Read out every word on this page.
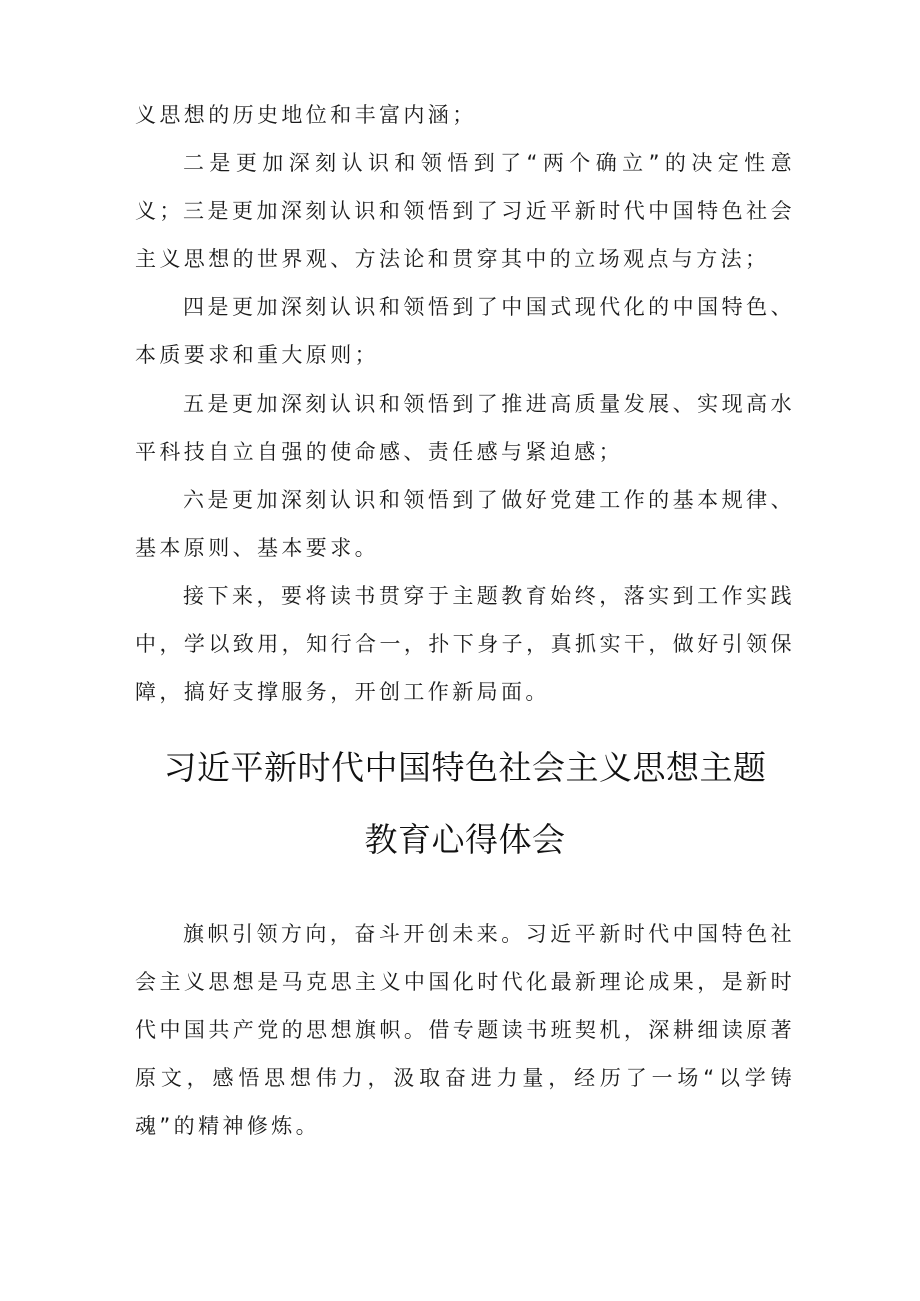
义思想的历史地位和丰富内涵；

二是更加深刻认识和领悟到了“两个确立”的决定性意义； 三是更加深刻认识和领悟到了习近平新时代中国特色社会主义思想的世界观、方法论和贯穿其中的立场观点与方法；

四是更加深刻认识和领悟到了中国式现代化的中国特色、本质要求和重大原则；

五是更加深刻认识和领悟到了推进高质量发展、实现高水平科技自立自强的使命感、责任感与紧迫感；

六是更加深刻认识和领悟到了做好党建工作的基本规律、基本原则、基本要求。

接下来，要将读书贯穿于主题教育始终，落实到工作实践中，学以致用，知行合一，扑下身子，真抓实干，做好引领保障，搞好支撑服务，开创工作新局面。

习近平新时代中国特色社会主义思想主题
教育心得体会

旗帜引领方向，奋斗开创未来。习近平新时代中国特色社会主义思想是马克思主义中国化时代化最新理论成果，是新时代中国共产党的思想旗帜。借专题读书班契机，深耕细读原著原文，感悟思想伟力，汲取奋进力量，经历了一场“以学铸魂”的精神修炼。
